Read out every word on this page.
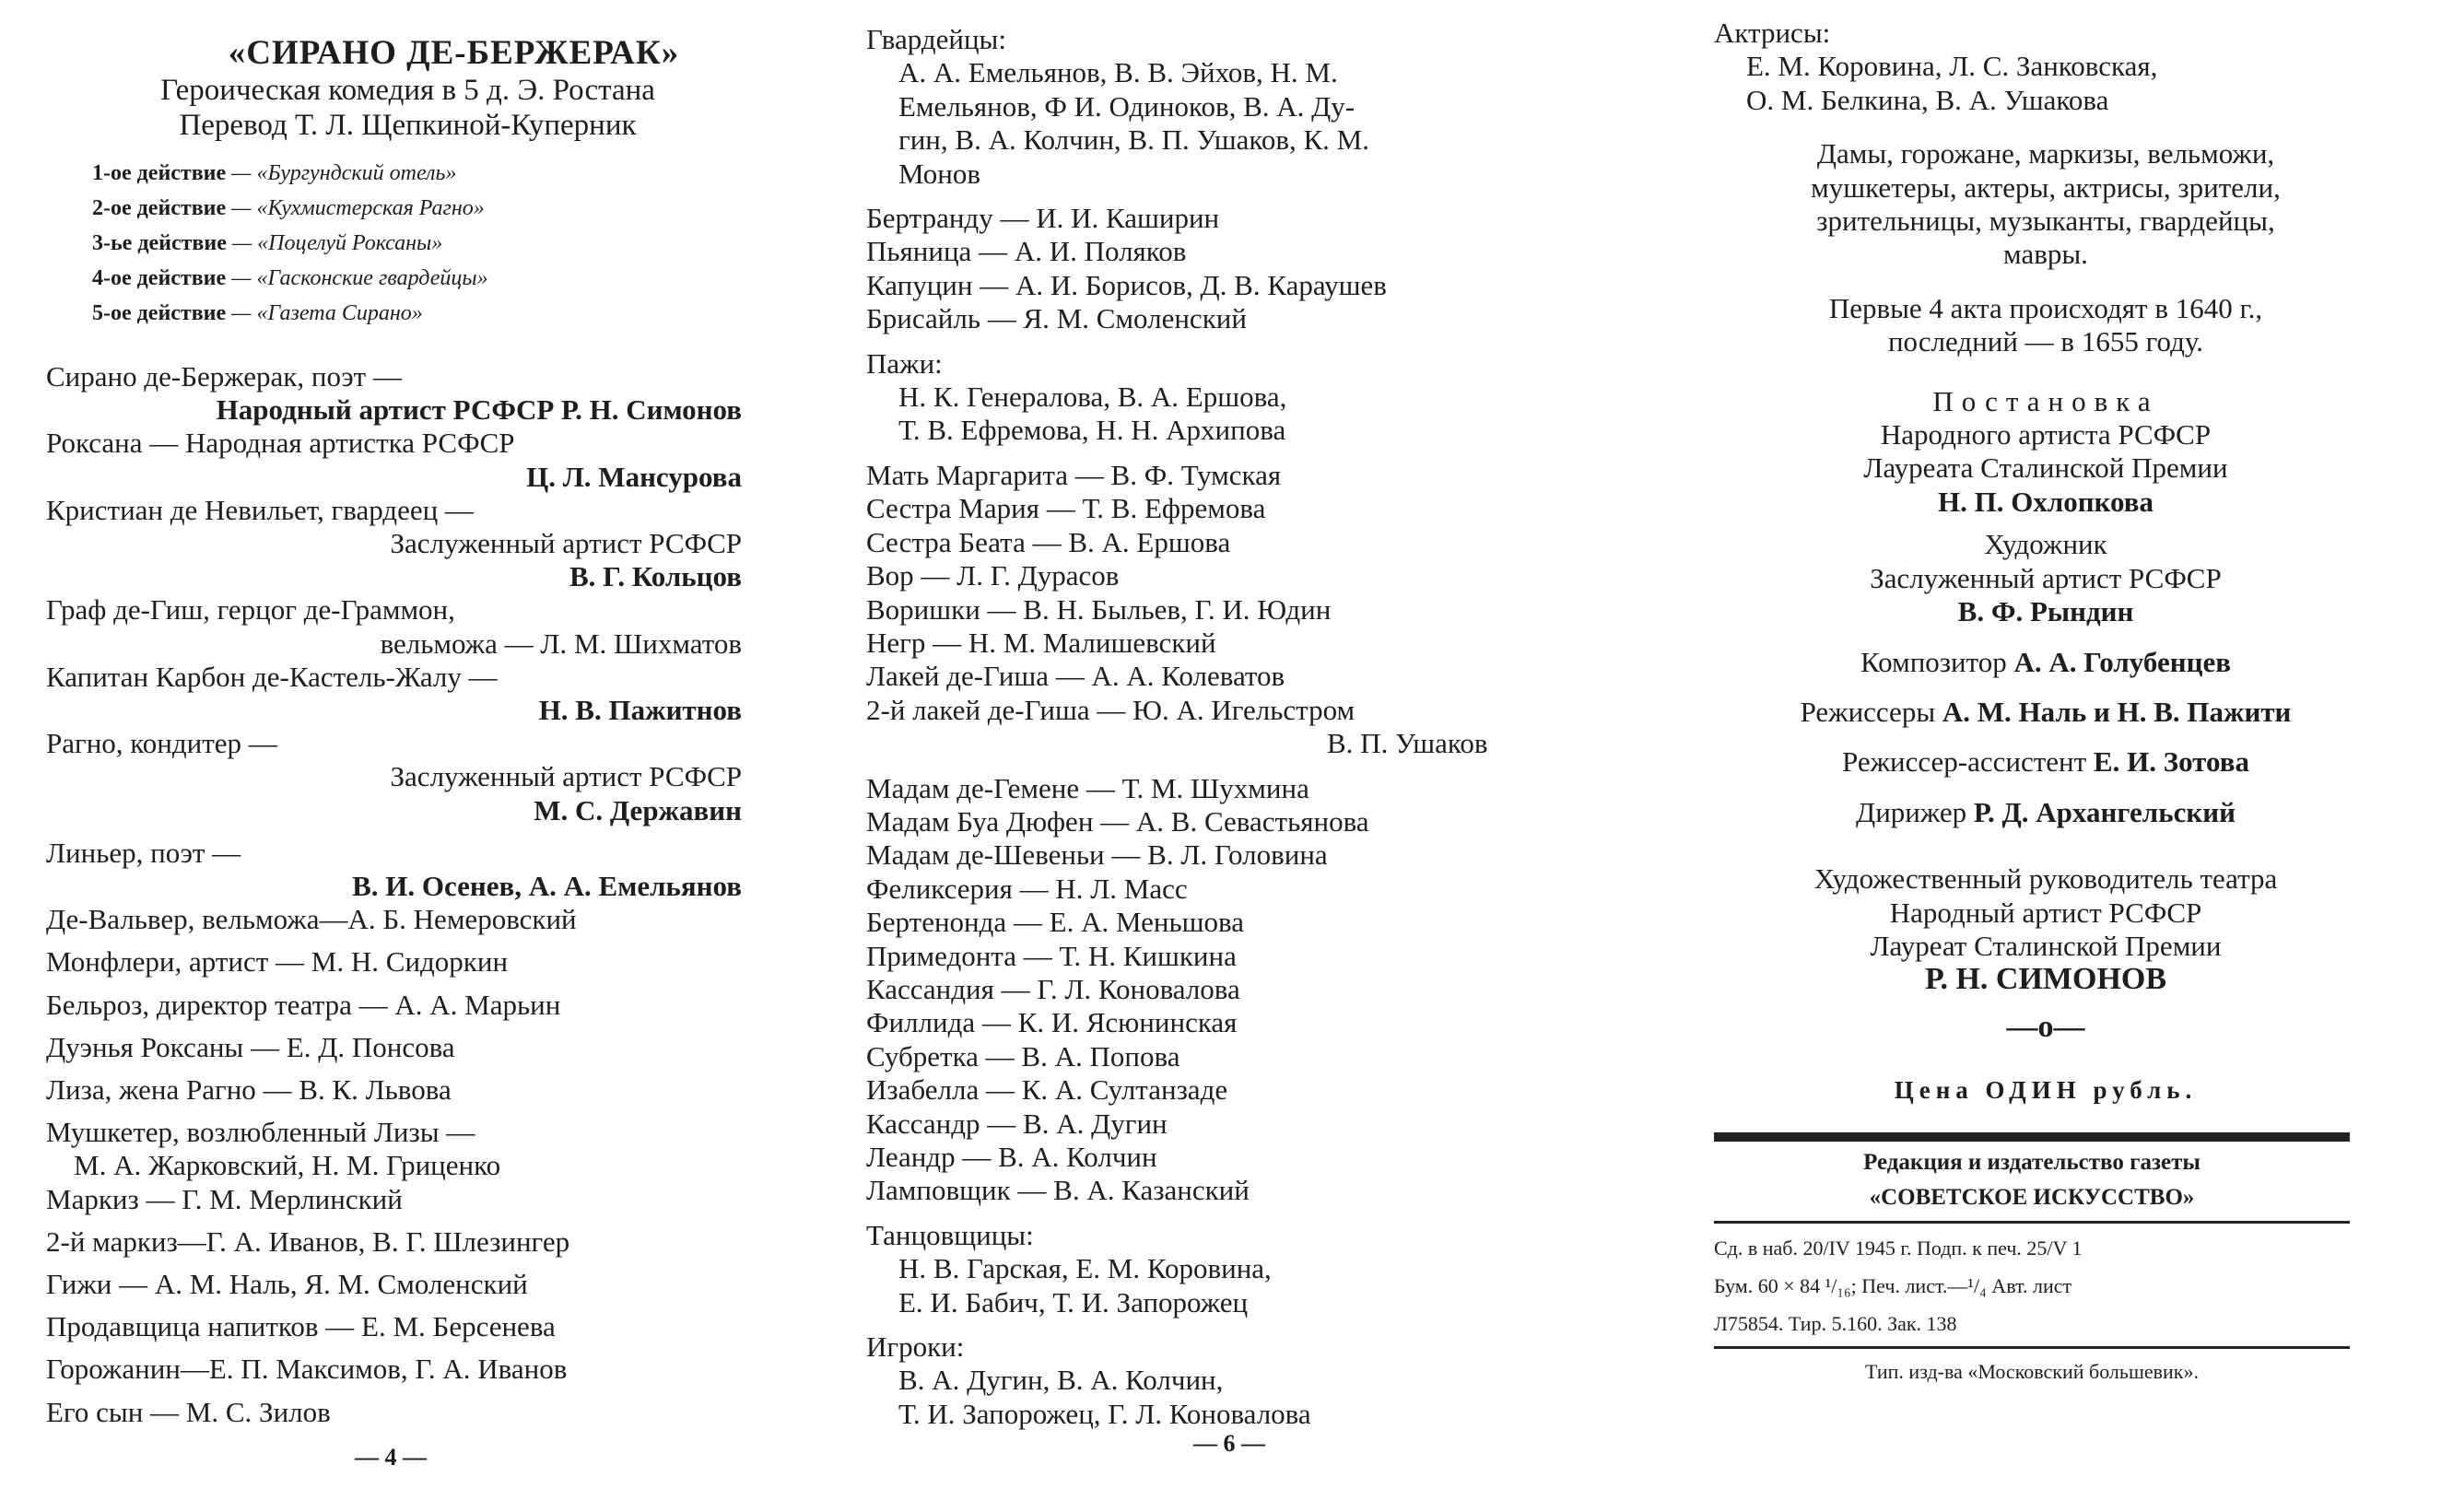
«СИРАНО ДЕ-БЕРЖЕРАК»
Героическая комедия в 5 д. Э. Ростана
Перевод Т. Л. Щепкиной-Куперник
1-ое действие — «Бургундский отель»
2-ое действие — «Кухмистерская Рагно»
3-ье действие — «Поцелуй Роксаны»
4-ое действие — «Гасконские гвардейцы»
5-ое действие — «Газета Сирано»
Сирано де-Бержерак, поэт —
Народный артист РСФСР Р. Н. Симонов
Роксана — Народная артистка РСФСР
Ц. Л. Мансурова
Кристиан де Невильет, гвардеец —
Заслуженный артист РСФСР
В. Г. Кольцов
Граф де-Гиш, герцог де-Граммон,
вельможа — Л. М. Шихматов
Капитан Карбон де-Кастель-Жалу —
Н. В. Пажитнов
Рагно, кондитер —
Заслуженный артист РСФСР
М. С. Державин
Линьер, поэт —
В. И. Осенев, А. А. Емельянов
Де-Вальвер, вельможа—А. Б. Немеровский
Монфлери, артист — М. Н. Сидоркин
Бельроз, директор театра — А. А. Марьин
Дуэнья Роксаны — Е. Д. Понсова
Лиза, жена Рагно — В. К. Львова
Мушкетер, возлюбленный Лизы —
М. А. Жарковский, Н. М. Гриценко
Маркиз — Г. М. Мерлинский
2-й маркиз—Г. А. Иванов, В. Г. Шлезингер
Гижи — А. М. Наль, Я. М. Смоленский
Продавщица напитков — Е. М. Берсенева
Горожанин—Е. П. Максимов, Г. А. Иванов
Его сын — М. С. Зилов
— 4 —
Гвардейцы:
А. А. Емельянов, В. В. Эйхов, Н. М.
Емельянов, Ф И. Одиноков, В. А. Ду-
гин, В. А. Колчин, В. П. Ушаков, К. М.
Монов
Бертранду — И. И. Каширин
Пьяница — А. И. Поляков
Капуцин — А. И. Борисов, Д. В. Караушев
Брисайль — Я. М. Смоленский
Пажи:
Н. К. Генералова, В. А. Ершова,
Т. В. Ефремова, Н. Н. Архипова
Мать Маргарита — В. Ф. Тумская
Сестра Мария — Т. В. Ефремова
Сестра Беата — В. А. Ершова
Вор — Л. Г. Дурасов
Воришки — В. Н. Быльев, Г. И. Юдин
Негр — Н. М. Малишевский
Лакей де-Гиша — А. А. Колеватов
2-й лакей де-Гиша — Ю. А. Игельстром
В. П. Ушаков
Мадам де-Гемене — Т. М. Шухмина
Мадам Буа Дюфен — А. В. Севастьянова
Мадам де-Шевеньи — В. Л. Головина
Феликсерия — Н. Л. Масс
Бертенонда — Е. А. Меньшова
Примедонта — Т. Н. Кишкина
Кассандия — Г. Л. Коновалова
Филлида — К. И. Ясюнинская
Субретка — В. А. Попова
Изабелла — К. А. Султанзаде
Кассандр — В. А. Дугин
Леандр — В. А. Колчин
Ламповщик — В. А. Казанский
Танцовщицы:
Н. В. Гарская, Е. М. Коровина,
Е. И. Бабич, Т. И. Запорожец
Игроки:
В. А. Дугин, В. А. Колчин,
Т. И. Запорожец, Г. Л. Коновалова
— 6 —
Актрисы:
Е. М. Коровина, Л. С. Занковская,
О. М. Белкина, В. А. Ушакова
Дамы, горожане, маркизы, вельможи,
мушкетеры, актеры, актрисы, зрители,
зрительницы, музыканты, гвардейцы,
мавры.
Первые 4 акта происходят в 1640 г.,
последний — в 1655 году.
Постановка
Народного артиста РСФСР
Лауреата Сталинской Премии
Н. П. Охлопкова
Художник
Заслуженный артист РСФСР
В. Ф. Рындин
Композитор А. А. Голубенцев
Режиссеры А. М. Наль и Н. В. Пажити
Режиссер-ассистент Е. И. Зотова
Дирижер Р. Д. Архангельский
Художественный руководитель театра
Народный артист РСФСР
Лауреат Сталинской Премии
Р. Н. СИМОНОВ
—о—
Цена ОДИН рубль.
Редакция и издательство газеты
«СОВЕТСКОЕ ИСКУССТВО»
Сд. в наб. 20/IV 1945 г. Подп. к печ. 25/V 1
Бум. 60 × 84 ¹/₁₆; Печ. лист.—¹/₄ Авт. лист
Л75854. Тир. 5.160. Зак. 138
Тип. изд-ва «Московский большевик».
